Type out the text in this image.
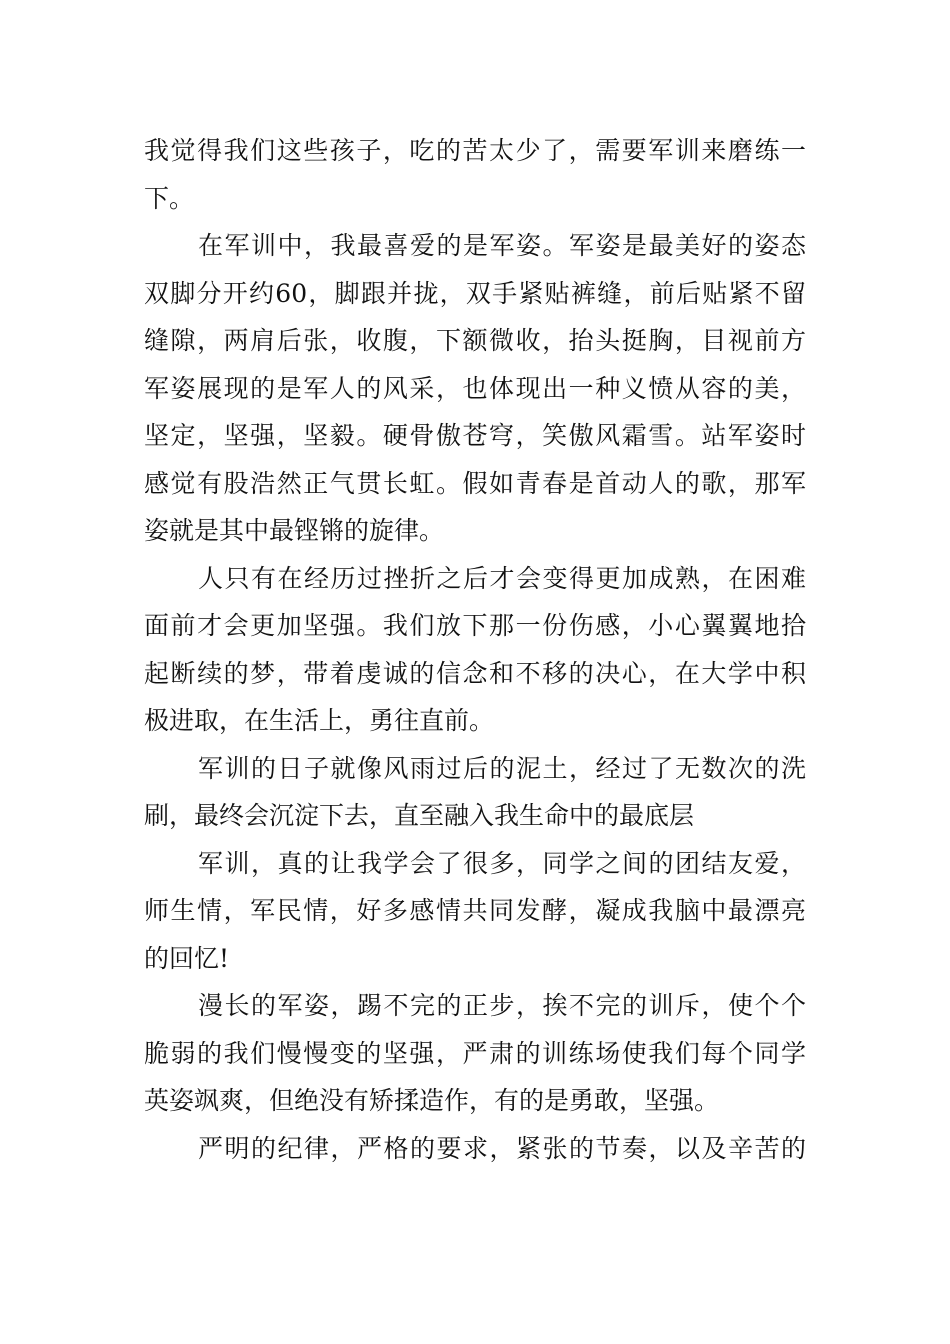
我觉得我们这些孩子，吃的苦太少了，需要军训来磨练一
下。
在军训中，我最喜爱的是军姿。军姿是最美好的姿态
双脚分开约60，脚跟并拢，双手紧贴裤缝，前后贴紧不留
缝隙，两肩后张，收腹，下额微收，抬头挺胸，目视前方
军姿展现的是军人的风采，也体现出一种义愤从容的美，
坚定，坚强，坚毅。硬骨傲苍穹，笑傲风霜雪。站军姿时
感觉有股浩然正气贯长虹。假如青春是首动人的歌，那军
姿就是其中最铿锵的旋律。
人只有在经历过挫折之后才会变得更加成熟，在困难
面前才会更加坚强。我们放下那一份伤感，小心翼翼地拾
起断续的梦，带着虔诚的信念和不移的决心，在大学中积
极进取，在生活上，勇往直前。
军训的日子就像风雨过后的泥土，经过了无数次的洗
刷，最终会沉淀下去，直至融入我生命中的最底层
军训，真的让我学会了很多，同学之间的团结友爱，
师生情，军民情，好多感情共同发酵，凝成我脑中最漂亮
的回忆!
漫长的军姿，踢不完的正步，挨不完的训斥，使个个
脆弱的我们慢慢变的坚强，严肃的训练场使我们每个同学
英姿飒爽，但绝没有矫揉造作，有的是勇敢，坚强。
严明的纪律，严格的要求，紧张的节奏，以及辛苦的
